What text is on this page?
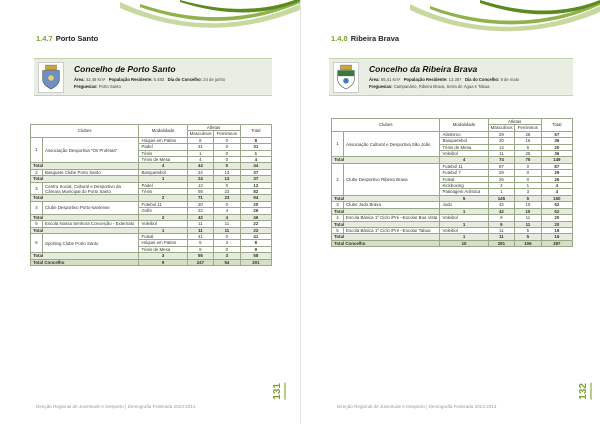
1.4.7 Porto Santo
Concelho de Porto Santo
Área: 42,48 Km² População Residente: 5.483 Dia do Concelho: 24 de junho
Freguesias: Porto Santo
Clubes		Modalidade	Atletas		Total
			Masculinos	Femininos	
1	Associação Desportiva "Os Profetas"	Hóquei em Patins	8	0	8
		Padel	31	0	31
		Ténis	1	0	1
		Ténis de Mesa	4	0	4
Total		4	44	0	44
2	Basquete Clube Porto Santo	Basquetebol	24	13	37
Total		1	24	13	37
3	Centro Social, Cultural e Desportivo da Câmara Municipal do Porto Santo	Padel	12	0	12
		Ténis	59	23	82
Total		2	71	23	94
4	Clube Desportivo Porto-santense	Futebol 11	20	0	20
		Golfe	22	4	26
Total		2	42	4	46
5	Escola Nossa Senhora Conceição - Externato	Voleibol	11	11	22
Total		1	11	11	22
6	Sporting Clube Porto Santo	Futsal	41	0	41
		Hóquei em Patins	5	3	8
		Ténis de Mesa	9	0	9
Total		3	55	3	58
Total Concelho		9	247	54	301
131
Direção Regional de Juventude e Desporto | Demografia Federada 2013-2014
1.4.8 Ribeira Brava
Concelho da Ribeira Brava
Área: 65,41 Km² População Residente: 13.367 Dia do Concelho: 6 de maio
Freguesias: Campanário, Ribeira Brava, Serra de Água e Tabua
Clubes		Modalidade	Atletas		Total
			Masculinos	Femininos	
1	Associação Cultural e Desportiva São João	Atletismo	29	28	57
		Basquetebol	20	16	36
		Ténis de Mesa	14	6	20
		Voleibol	11	25	36
Total		4	74	75	149
2	Clube Desportivo Ribeira Brava	Futebol 11	87	0	87
		Futebol 7	29	0	29
		Futsal	26	0	26
		Kickboxing	3	1	4
		Patinagem Artística	1	3	4
Total		5	145	5	150
3	Clube Judo Brava	Judo	42	10	52
Total		1	42	10	52
4	Escola Básica 1º Ciclo /Pré –Escolar Boa Vista	Voleibol	9	11	20
Total		1	9	11	20
5	Escola Básica 1º Ciclo /Pré –Escolar Tabua	Voleibol	11	5	16
Total		1	11	5	16
Total Concelho		10	281	106	387
132
Direção Regional de Juventude e Desporto | Demografia Federada 2013-2014
